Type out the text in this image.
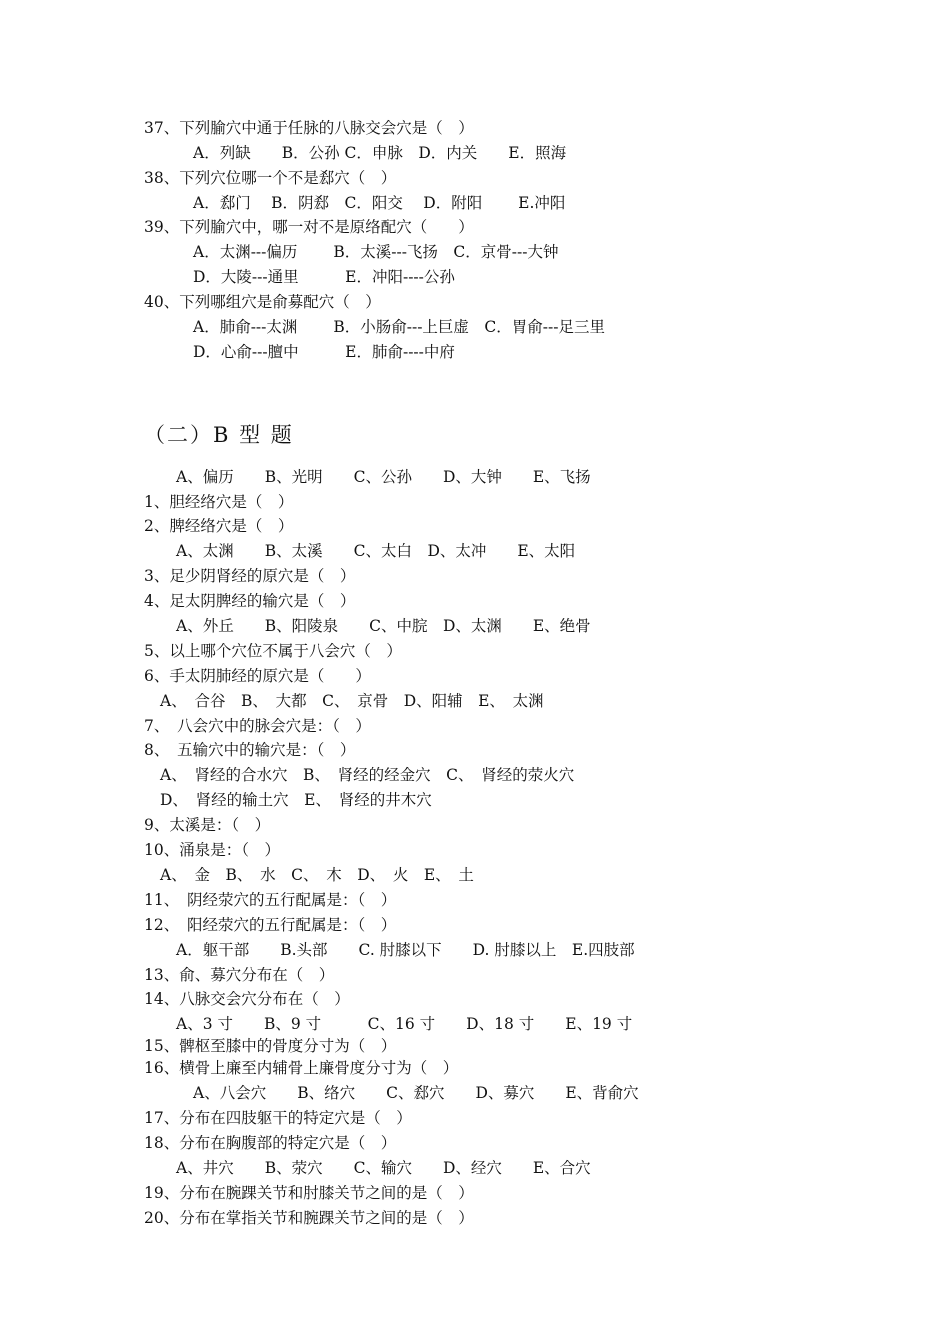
37、下列腧穴中通于任脉的八脉交会穴是（　）
A．列缺　　B．公孙 C．申脉　D．内关　　E．照海
38、下列穴位哪一个不是郄穴（　）
A．郄门　 B．阴郄　C．阳交　 D．附阳　　 E.冲阳
39、下列腧穴中，哪一对不是原络配穴（　　）
A．太渊---偏历　　 B．太溪---飞扬　C．京骨---大钟
D．大陵---通里　　　E．冲阳----公孙
40、下列哪组穴是俞募配穴（　）
A．肺俞---太渊　　 B．小肠俞---上巨虚　C．胃俞---足三里
D．心俞---膻中　　　E．肺俞----中府
（二）B 型 题
A、偏历　　B、光明　　C、公孙　　D、大钟　　E、飞扬
1、胆经络穴是（　）
2、脾经络穴是（　）
A、太渊　　B、太溪　　C、太白　D、太冲　　E、太阳
3、足少阴肾经的原穴是（　）
4、足太阴脾经的输穴是（　）
A、外丘　　B、阳陵泉　　C、中脘　D、太渊　　E、绝骨
5、以上哪个穴位不属于八会穴（　）
6、手太阴肺经的原穴是（　　）
A、　合谷　B、　大都　C、　京骨　D、阳辅　E、　太渊
7、　八会穴中的脉会穴是：（　）
8、　五输穴中的输穴是：（　）
A、　肾经的合水穴　B、　肾经的经金穴　C、　肾经的荥火穴
D、　肾经的输土穴　E、　肾经的井木穴
9、太溪是：（　）
10、涌泉是：（　）
A、　金　B、　水　C、　木　D、　火　E、　土
11、　阴经荥穴的五行配属是：（　）
12、　阳经荥穴的五行配属是：（　）
A．躯干部　　B.头部　　C. 肘膝以下　　D. 肘膝以上　E.四肢部
13、俞、募穴分布在（　）
14、八脉交会穴分布在（　）
A、3 寸　　B、9 寸　　　C、16 寸　　D、18 寸　　E、19 寸
15、髀枢至膝中的骨度分寸为（　）
16、横骨上廉至内辅骨上廉骨度分寸为（　）
A、八会穴　　B、络穴　　C、郄穴　　D、募穴　　E、背俞穴
17、分布在四肢躯干的特定穴是（　）
18、分布在胸腹部的特定穴是（　）
A、井穴　　B、荥穴　　C、输穴　　D、经穴　　E、合穴
19、分布在腕踝关节和肘膝关节之间的是（　）
20、分布在掌指关节和腕踝关节之间的是（　）
